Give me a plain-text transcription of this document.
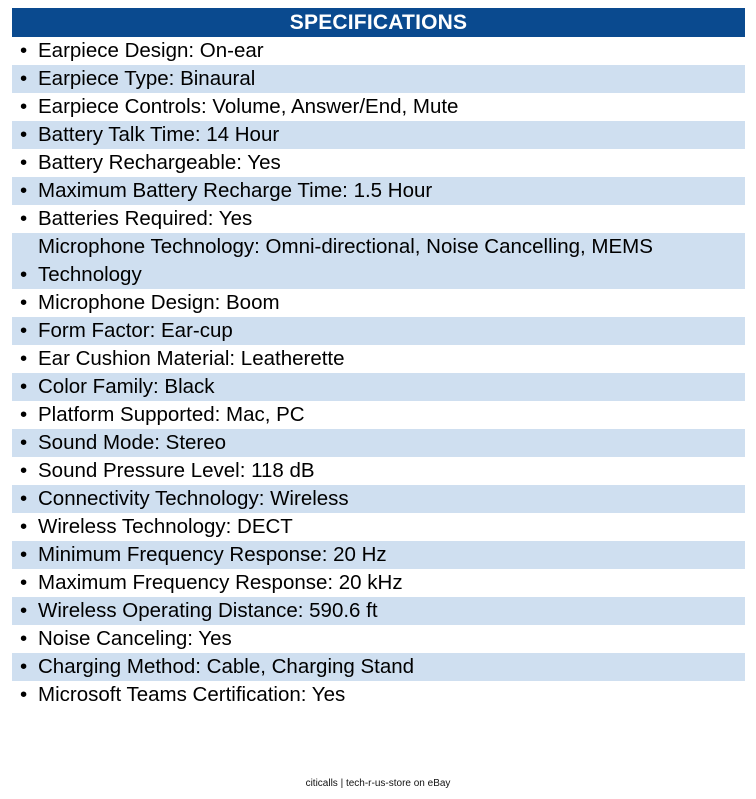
SPECIFICATIONS
• Earpiece Design: On-ear
• Earpiece Type: Binaural
• Earpiece Controls: Volume, Answer/End, Mute
• Battery Talk Time: 14 Hour
• Battery Rechargeable: Yes
• Maximum Battery Recharge Time: 1.5 Hour
• Batteries Required: Yes
•
Microphone Technology: Omni-directional, Noise Cancelling, MEMS Technology
• Microphone Design: Boom
• Form Factor: Ear-cup
• Ear Cushion Material: Leatherette
• Color Family: Black
• Platform Supported: Mac, PC
• Sound Mode: Stereo
• Sound Pressure Level: 118 dB
• Connectivity Technology: Wireless
• Wireless Technology: DECT
• Minimum Frequency Response: 20 Hz
• Maximum Frequency Response: 20 kHz
• Wireless Operating Distance: 590.6 ft
• Noise Canceling: Yes
• Charging Method: Cable, Charging Stand
• Microsoft Teams Certification: Yes
citicalls | tech-r-us-store on eBay
